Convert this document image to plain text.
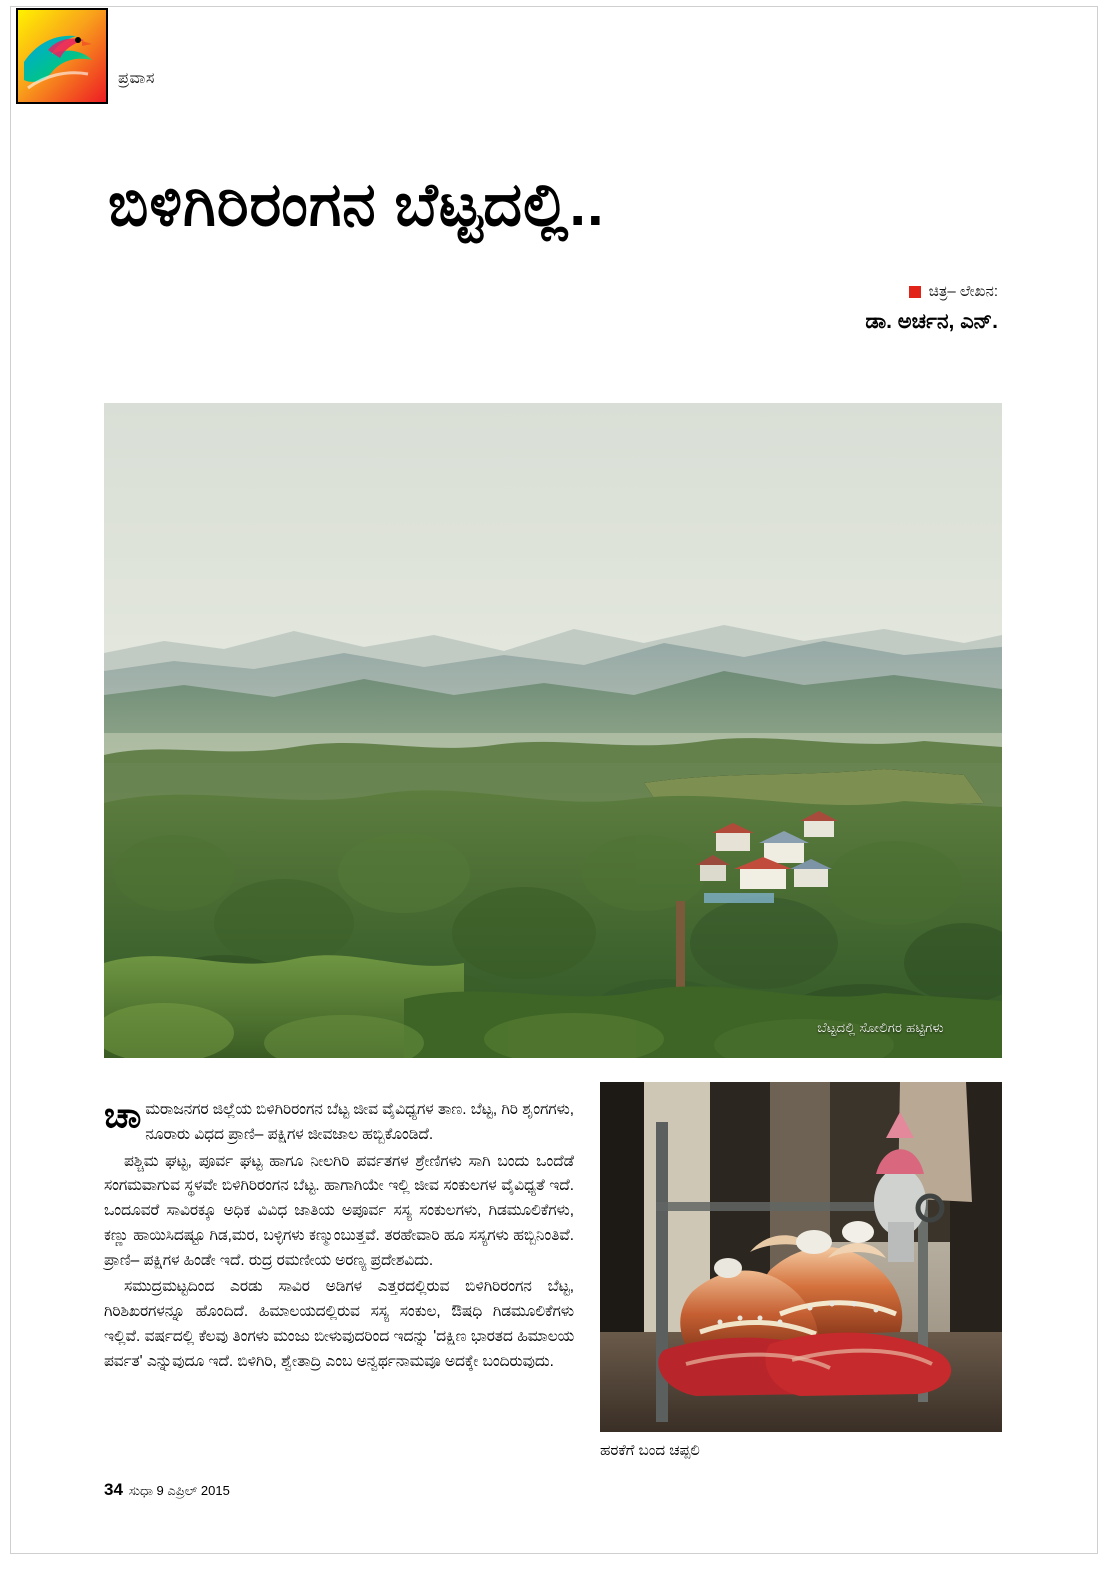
ಪ್ರವಾಸ
ಬಿಳಿಗಿರಿರಂಗನ ಬೆಟ್ಟದಲ್ಲಿ..
ಚಿತ್ರ– ಲೇಖನ:
ಡಾ. ಅರ್ಚನ, ಎನ್.
ಬೆಟ್ಟದಲ್ಲಿ ಸೋಲಿಗರ ಹಟ್ಟಿಗಳು

ಚಾಮರಾಜನಗರ ಜಿಲ್ಲೆಯ ಬಿಳಿಗಿರಿರಂಗನ ಬೆಟ್ಟ ಜೀವ ವೈವಿಧ್ಯಗಳ ತಾಣ. ಬೆಟ್ಟ, ಗಿರಿ ಶೃಂಗಗಳು, ನೂರಾರು ವಿಧದ ಪ್ರಾಣಿ– ಪಕ್ಷಿಗಳ ಜೀವಜಾಲ ಹಬ್ಬಿಕೊಂಡಿದೆ.

ಪಶ್ಚಿಮ ಘಟ್ಟ, ಪೂರ್ವ ಘಟ್ಟ ಹಾಗೂ ನೀಲಗಿರಿ ಪರ್ವತಗಳ ಶ್ರೇಣಿಗಳು ಸಾಗಿ ಬಂದು ಒಂದೆಡೆ ಸಂಗಮವಾಗುವ ಸ್ಥಳವೇ ಬಿಳಿಗಿರಿರಂಗನ ಬೆಟ್ಟ. ಹಾಗಾಗಿಯೇ ಇಲ್ಲಿ ಜೀವ ಸಂಕುಲಗಳ ವೈವಿಧ್ಯತೆ ಇದೆ. ಒಂದೂವರೆ ಸಾವಿರಕ್ಕೂ ಅಧಿಕ ವಿವಿಧ ಜಾತಿಯ ಅಪೂರ್ವ ಸಸ್ಯ ಸಂಕುಲಗಳು, ಗಿಡಮೂಲಿಕೆಗಳು, ಕಣ್ಣು ಹಾಯಿಸಿದಷ್ಟೂ ಗಿಡ,ಮರ, ಬಳ್ಳಿಗಳು ಕಣ್ಮುಂಬುತ್ತವೆ. ತರಹೇವಾರಿ ಹೂ ಸಸ್ಯಗಳು ಹಬ್ಬಿನಿಂತಿವೆ. ಪ್ರಾಣಿ– ಪಕ್ಷಿಗಳ ಹಿಂಡೇ ಇದೆ. ರುದ್ರ ರಮಣೀಯ ಅರಣ್ಯ ಪ್ರದೇಶವಿದು.

ಸಮುದ್ರಮಟ್ಟದಿಂದ ಎರಡು ಸಾವಿರ ಅಡಿಗಳ ಎತ್ತರದಲ್ಲಿರುವ ಬಿಳಿಗಿರಿರಂಗನ ಬೆಟ್ಟ, ಗಿರಿಶಿಖರಗಳನ್ನೂ ಹೊಂದಿದೆ. ಹಿಮಾಲಯದಲ್ಲಿರುವ ಸಸ್ಯ ಸಂಕುಲ, ಔಷಧಿ ಗಿಡಮೂಲಿಕೆಗಳು ಇಲ್ಲಿವೆ. ವರ್ಷದಲ್ಲಿ ಕೆಲವು ತಿಂಗಳು ಮಂಜು ಬೀಳುವುದರಿಂದ ಇದನ್ನು 'ದಕ್ಷಿಣ ಭಾರತದ ಹಿಮಾಲಯ ಪರ್ವತ' ಎನ್ನುವುದೂ ಇದೆ. ಬಿಳಿಗಿರಿ, ಶ್ವೇತಾದ್ರಿ ಎಂಬ ಅನ್ವರ್ಥನಾಮವೂ ಅದಕ್ಕೇ ಬಂದಿರುವುದು.

ಹರಕೆಗೆ ಬಂದ ಚಪ್ಪಲಿ
34 ಸುಧಾ 9 ಎಪ್ರಿಲ್ 2015
